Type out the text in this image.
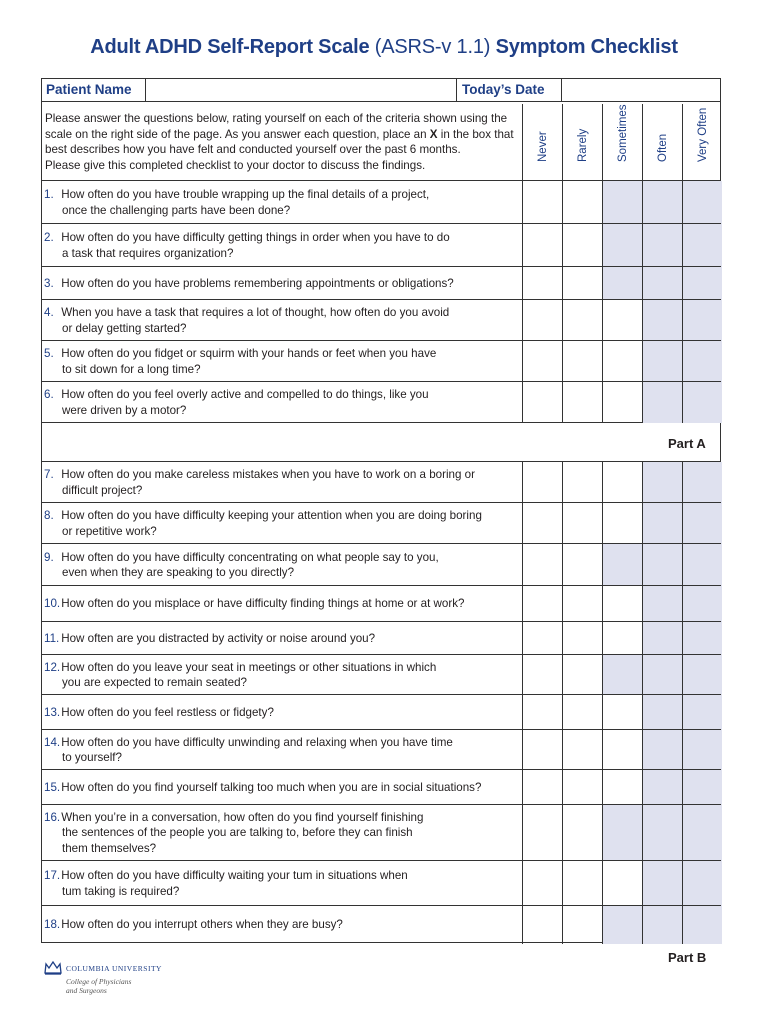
Adult ADHD Self-Report Scale (ASRS-v 1.1) Symptom Checklist
Patient Name	Today’s Date
Please answer the questions below, rating yourself on each of the criteria shown using the
scale on the right side of the page. As you answer each question, place an X in the box that
best describes how you have felt and conducted yourself over the past 6 months.
Please give this completed checklist to your doctor to discuss the findings.
Never Rarely Sometimes Often Very Often
1. How often do you have trouble wrapping up the final details of a project,
once the challenging parts have been done?
2. How often do you have difficulty getting things in order when you have to do
a task that requires organization?
3. How often do you have problems remembering appointments or obligations?
4. When you have a task that requires a lot of thought, how often do you avoid
or delay getting started?
5. How often do you fidget or squirm with your hands or feet when you have
to sit down for a long time?
6. How often do you feel overly active and compelled to do things, like you
were driven by a motor?
7. How often do you make careless mistakes when you have to work on a boring or
difficult project?
8. How often do you have difficulty keeping your attention when you are doing boring
or repetitive work?
9. How often do you have difficulty concentrating on what people say to you,
even when they are speaking to you directly?
10. How often do you misplace or have difficulty finding things at home or at work?
11. How often are you distracted by activity or noise around you?
12. How often do you leave your seat in meetings or other situations in which
you are expected to remain seated?
13. How often do you feel restless or fidgety?
14. How often do you have difficulty unwinding and relaxing when you have time
to yourself?
15. How often do you find yourself talking too much when you are in social situations?
16. When you’re in a conversation, how often do you find yourself finishing
the sentences of the people you are talking to, before they can finish
them themselves?
17. How often do you have difficulty waiting your tum in situations when
tum taking is required?
18. How often do you interrupt others when they are busy?
Part A
Part B
COLUMBIA UNIVERSITY
College of Physicians
and Surgeons
